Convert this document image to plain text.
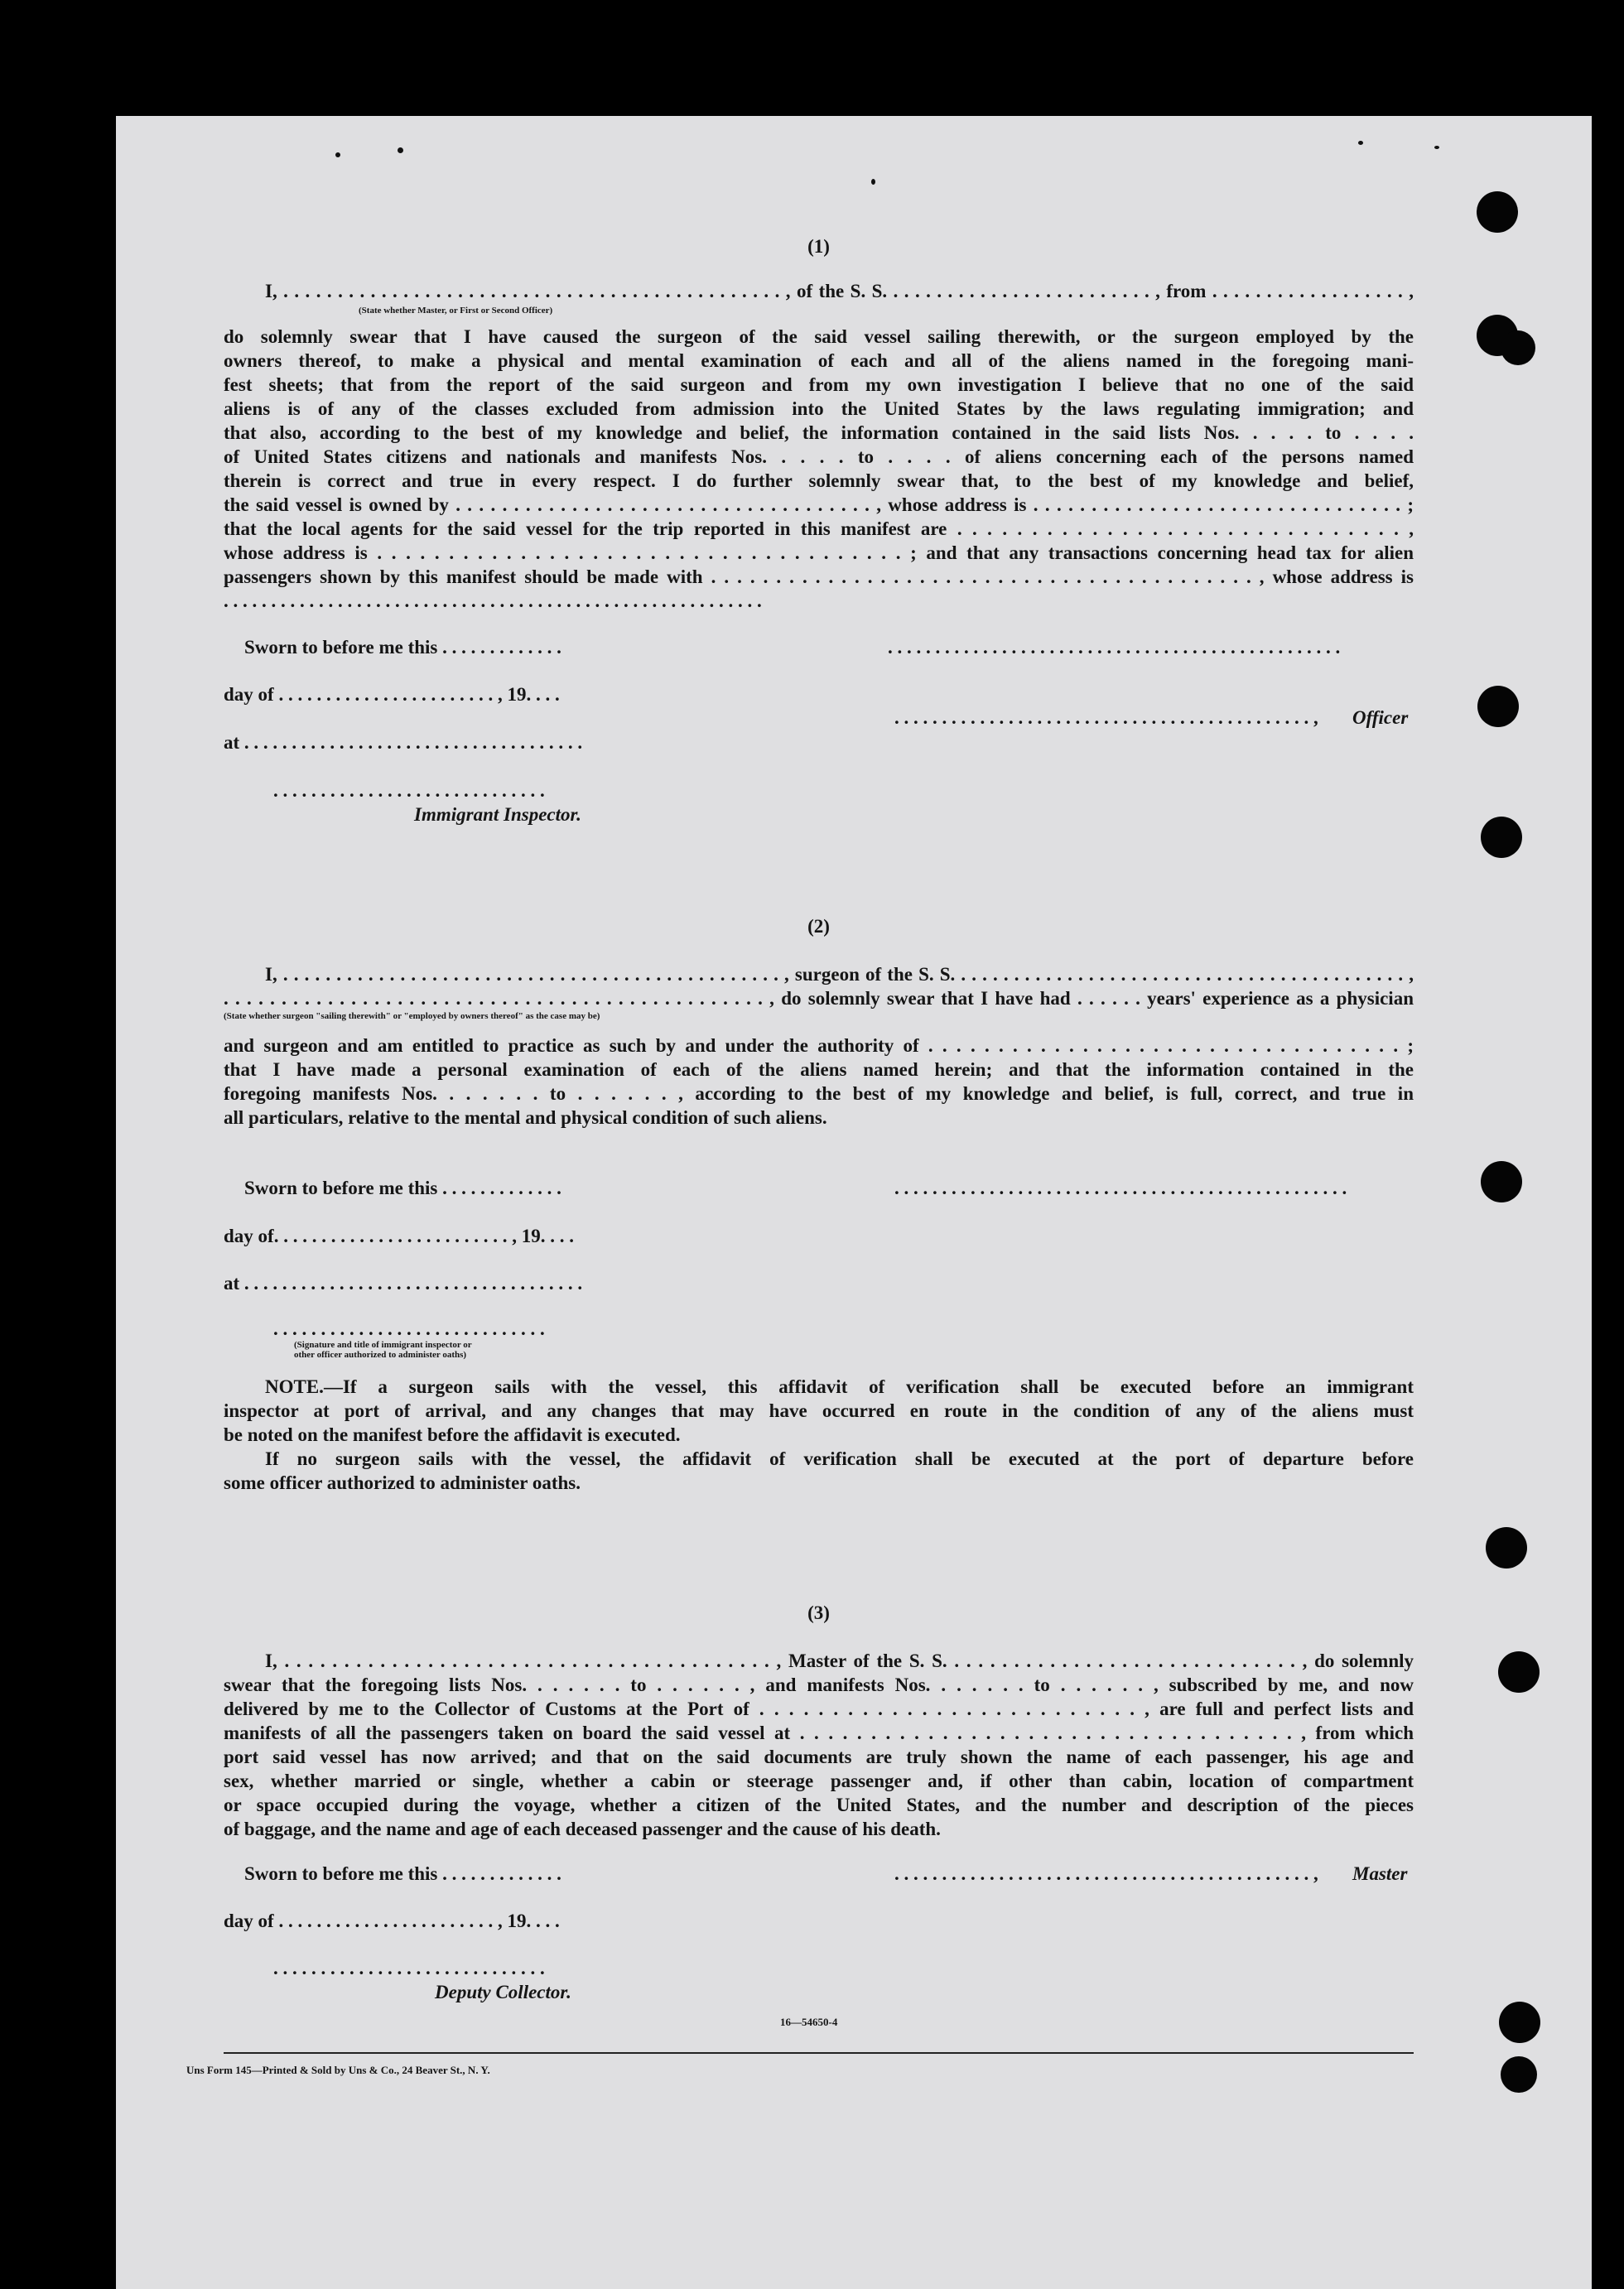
(1)
I, . . . . . . . . . . . . . . . . . . . . . . . . . . . . . . . . . . . . . . . . . . . . . . , of the S. S. . . . . . . . . . . . . . . . . . . . . . . . . , from . . . . . . . . . . . . . . . . . . ,
(State whether Master, or First or Second Officer)
do solemnly swear that I have caused the surgeon of the said vessel sailing therewith, or the surgeon employed by the
owners thereof, to make a physical and mental examination of each and all of the aliens named in the foregoing mani-
fest sheets; that from the report of the said surgeon and from my own investigation I believe that no one of the said
aliens is of any of the classes excluded from admission into the United States by the laws regulating immigration; and
that also, according to the best of my knowledge and belief, the information contained in the said lists Nos. . . . . to . . . .
of United States citizens and nationals and manifests Nos. . . . . to . . . . of aliens concerning each of the persons named
therein is correct and true in every respect. I do further solemnly swear that, to the best of my knowledge and belief,
the said vessel is owned by . . . . . . . . . . . . . . . . . . . . . . . . . . . . . . . . . . . . , whose address is . . . . . . . . . . . . . . . . . . . . . . . . . . . . . . . . ;
that the local agents for the said vessel for the trip reported in this manifest are . . . . . . . . . . . . . . . . . . . . . . . . . . . . . . ,
whose address is . . . . . . . . . . . . . . . . . . . . . . . . . . . . . . . . . . . . . ; and that any transactions concerning head tax for alien
passengers shown by this manifest should be made with . . . . . . . . . . . . . . . . . . . . . . . . . . . . . . . . . . . . . . . . . . , whose address is
. . . . . . . . . . . . . . . . . . . . . . . . . . . . . . . . . . . . . . . . . . . . . . . . . . . . . . . . .
Sworn to before me this . . . . . . . . . . . . .
day of . . . . . . . . . . . . . . . . . . . . . . . , 19. . . .
at . . . . . . . . . . . . . . . . . . . . . . . . . . . . . . . . . . . .
. . . . . . . . . . . . . . . . . . . . . . . . . . . . .
Immigrant Inspector.
. . . . . . . . . . . . . . . . . . . . . . . . . . . . . . . . . . . . . . . . . . . . . . . .
. . . . . . . . . . . . . . . . . . . . . . . . . . . . . . . . . . . . . . . . . . . . , Officer
(2)
I, . . . . . . . . . . . . . . . . . . . . . . . . . . . . . . . . . . . . . . . . . . . . . . . , surgeon of the S. S. . . . . . . . . . . . . . . . . . . . . . . . . . . . . . . . . . . . . . . . . . . ,
. . . . . . . . . . . . . . . . . . . . . . . . . . . . . . . . . . . . . . . . . . . . . . . , do solemnly swear that I have had . . . . . . years' experience as a physician
(State whether surgeon "sailing therewith" or "employed by owners thereof" as the case may be)
and surgeon and am entitled to practice as such by and under the authority of . . . . . . . . . . . . . . . . . . . . . . . . . . . . . . . . . . ;
that I have made a personal examination of each of the aliens named herein; and that the information contained in the
foregoing manifests Nos. . . . . . . to . . . . . . , according to the best of my knowledge and belief, is full, correct, and true in
all particulars, relative to the mental and physical condition of such aliens.
Sworn to before me this . . . . . . . . . . . . .
day of. . . . . . . . . . . . . . . . . . . . . . . . . , 19. . . .
at . . . . . . . . . . . . . . . . . . . . . . . . . . . . . . . . . . . .
. . . . . . . . . . . . . . . . . . . . . . . . . . . . .
(Signature and title of immigrant inspector or
other officer authorized to administer oaths)
. . . . . . . . . . . . . . . . . . . . . . . . . . . . . . . . . . . . . . . . . . . . . . . .
NOTE.—If a surgeon sails with the vessel, this affidavit of verification shall be executed before an immigrant
inspector at port of arrival, and any changes that may have occurred en route in the condition of any of the aliens must
be noted on the manifest before the affidavit is executed.
If no surgeon sails with the vessel, the affidavit of verification shall be executed at the port of departure before
some officer authorized to administer oaths.
(3)
I, . . . . . . . . . . . . . . . . . . . . . . . . . . . . . . . . . . . . . . . . . , Master of the S. S. . . . . . . . . . . . . . . . . . . . . . . . . . . . . . , do solemnly
swear that the foregoing lists Nos. . . . . . . to . . . . . . , and manifests Nos. . . . . . . to . . . . . . , subscribed by me, and now
delivered by me to the Collector of Customs at the Port of . . . . . . . . . . . . . . . . . . . . . . . . . . , are full and perfect lists and
manifests of all the passengers taken on board the said vessel at . . . . . . . . . . . . . . . . . . . . . . . . . . . . . . . . . . . , from which
port said vessel has now arrived; and that on the said documents are truly shown the name of each passenger, his age and
sex, whether married or single, whether a cabin or steerage passenger and, if other than cabin, location of compartment
or space occupied during the voyage, whether a citizen of the United States, and the number and description of the pieces
of baggage, and the name and age of each deceased passenger and the cause of his death.
Sworn to before me this . . . . . . . . . . . . .
day of . . . . . . . . . . . . . . . . . . . . . . . , 19. . . .
. . . . . . . . . . . . . . . . . . . . . . . . . . . . .
Deputy Collector.
. . . . . . . . . . . . . . . . . . . . . . . . . . . . . . . . . . . . . . . . . . . . , Master
16—54650-4
Uns Form 145—Printed & Sold by Uns & Co., 24 Beaver St., N. Y.
